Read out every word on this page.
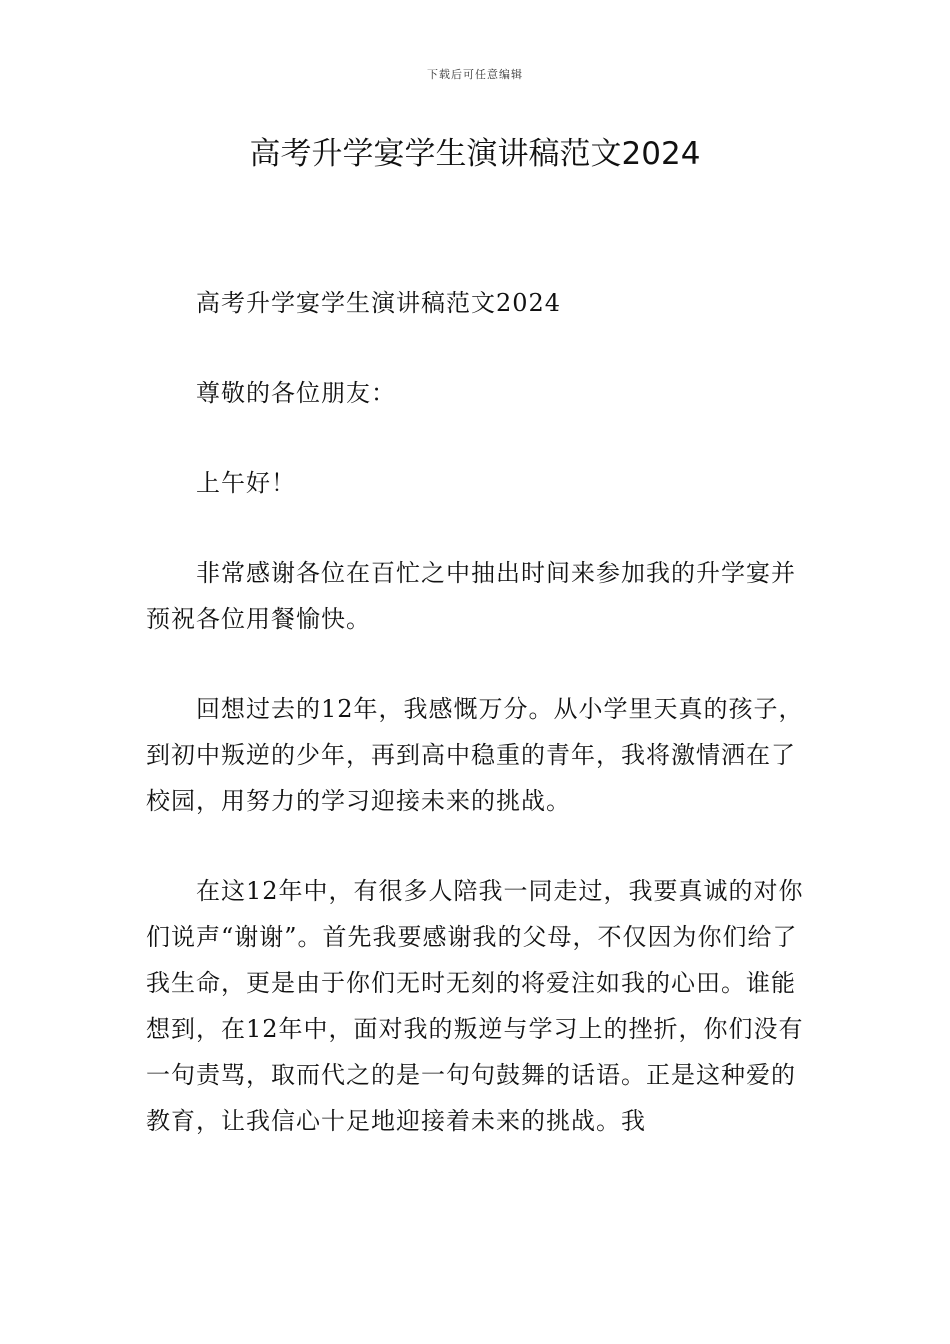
下载后可任意编辑
高考升学宴学生演讲稿范文2024

高考升学宴学生演讲稿范文2024

尊敬的各位朋友：

上午好！

非常感谢各位在百忙之中抽出时间来参加我的升学宴并预祝各位用餐愉快。

回想过去的12年，我感慨万分。从小学里天真的孩子，到初中叛逆的少年，再到高中稳重的青年，我将激情洒在了校园，用努力的学习迎接未来的挑战。

在这12年中，有很多人陪我一同走过，我要真诚的对你们说声“谢谢”。首先我要感谢我的父母，不仅因为你们给了我生命，更是由于你们无时无刻的将爱注如我的心田。谁能想到，在12年中，面对我的叛逆与学习上的挫折，你们没有一句责骂，取而代之的是一句句鼓舞的话语。正是这种爱的教育，让我信心十足地迎接着未来的挑战。我
